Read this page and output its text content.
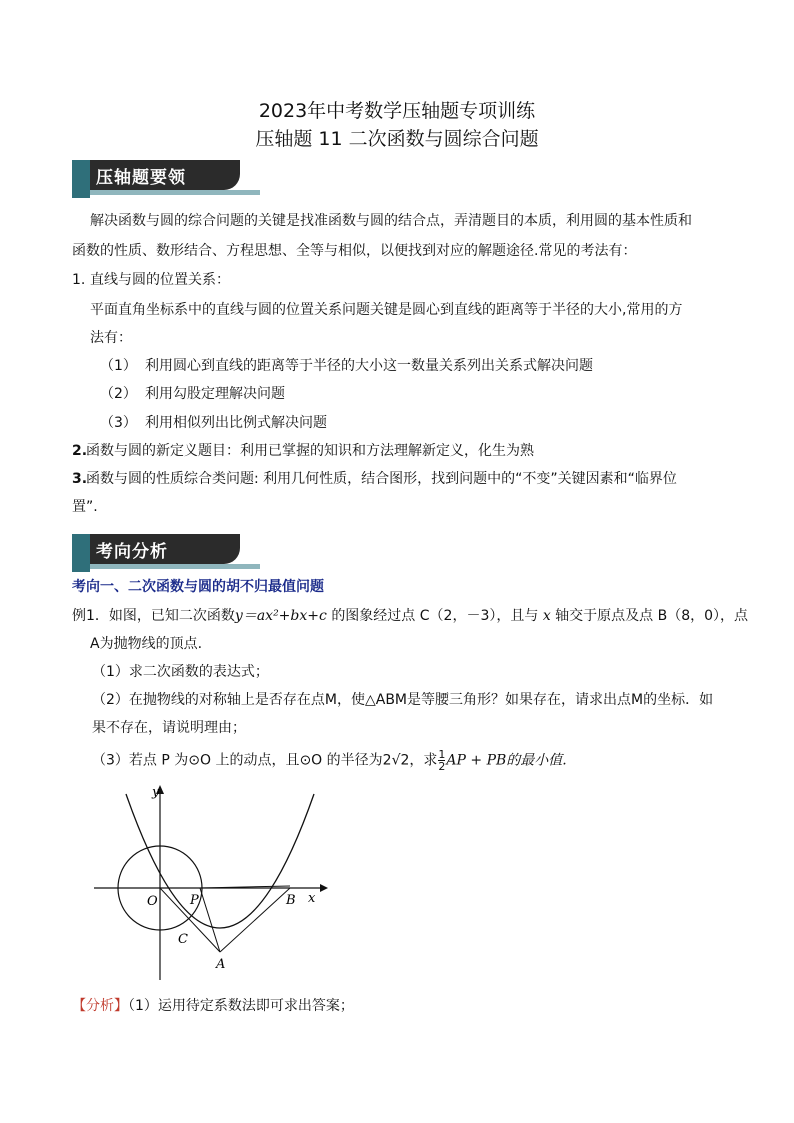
2023年中考数学压轴题专项训练
压轴题 11 二次函数与圆综合问题
压轴题要领
解决函数与圆的综合问题的关键是找准函数与圆的结合点，弄清题目的本质，利用圆的基本性质和
函数的性质、数形结合、方程思想、全等与相似，以便找到对应的解题途径.常见的考法有：
1. 直线与圆的位置关系：
平面直角坐标系中的直线与圆的位置关系问题关键是圆心到直线的距离等于半径的大小,常用的方
法有：
（1） 利用圆心到直线的距离等于半径的大小这一数量关系列出关系式解决问题
（2） 利用勾股定理解决问题
（3） 利用相似列出比例式解决问题
2.
函数与圆的新定义题目：利用已掌握的知识和方法理解新定义，化生为熟
3.
函数与圆的性质综合类问题: 利用几何性质，结合图形，找到问题中的“不变”关键因素和“临界位
置”.
考向分析
考向一、二次函数与圆的胡不归最值问题
例1．如图，已知二次函数y＝ax²+bx+c 的图象经过点 C（2，－3），且与 x 轴交于原点及点 B（8，0），点
A为抛物线的顶点.
（1）求二次函数的表达式；
（2）在抛物线的对称轴上是否存在点M，使△ABM是等腰三角形？如果存在，请求出点M的坐标．如
果不存在，请说明理由；
（3）若点 P 为⊙O 上的动点，且⊙O 的半径为2√2，求 $\frac{1}{2}$ AP + PB的最小值.
y
x
O P	B
C
A
【分析】（1）运用待定系数法即可求出答案；
